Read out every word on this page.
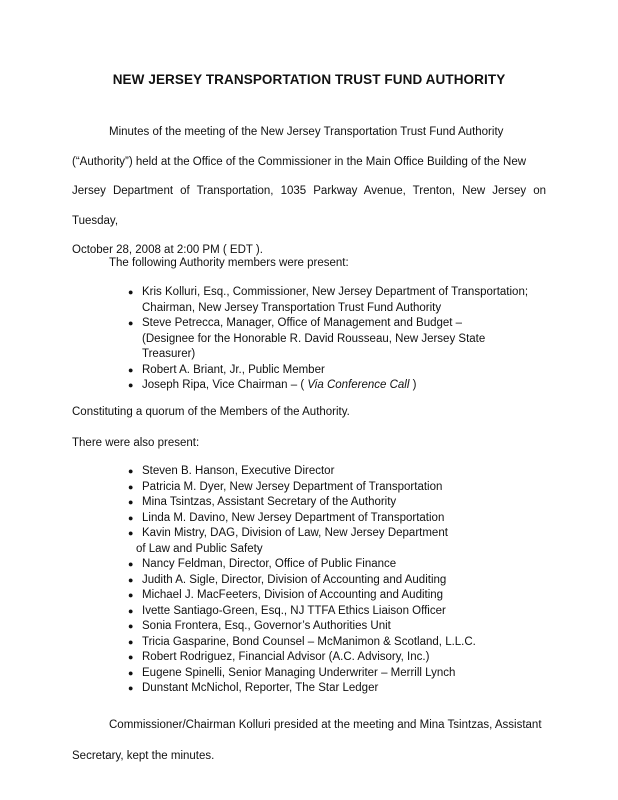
NEW JERSEY TRANSPORTATION TRUST FUND AUTHORITY

Minutes of the meeting of the New Jersey Transportation Trust Fund Authority

(“Authority”) held at the Office of the Commissioner in the Main Office Building of the New

Jersey Department of Transportation, 1035 Parkway Avenue, Trenton, New Jersey on Tuesday,

October 28, 2008 at 2:00 PM ( EDT ).

The following Authority members were present:
● Kris Kolluri, Esq., Commissioner, New Jersey Department of Transportation;
Chairman, New Jersey Transportation Trust Fund Authority
● Steve Petrecca, Manager, Office of Management and Budget –
(Designee for the Honorable R. David Rousseau, New Jersey State
Treasurer)
● Robert A. Briant, Jr., Public Member
● Joseph Ripa, Vice Chairman – ( Via Conference Call )
Constituting a quorum of the Members of the Authority.
There were also present:
● Steven B. Hanson, Executive Director
● Patricia M. Dyer, New Jersey Department of Transportation
● Mina Tsintzas, Assistant Secretary of the Authority
● Linda M. Davino, New Jersey Department of Transportation
● Kavin Mistry, DAG, Division of Law, New Jersey Department
of Law and Public Safety
● Nancy Feldman, Director, Office of Public Finance
● Judith A. Sigle, Director, Division of Accounting and Auditing
● Michael J. MacFeeters, Division of Accounting and Auditing
● Ivette Santiago-Green, Esq., NJ TTFA Ethics Liaison Officer
● Sonia Frontera, Esq., Governor’s Authorities Unit
● Tricia Gasparine, Bond Counsel – McManimon & Scotland, L.L.C.
● Robert Rodriguez, Financial Advisor (A.C. Advisory, Inc.)
● Eugene Spinelli, Senior Managing Underwriter – Merrill Lynch
● Dunstant McNichol, Reporter, The Star Ledger

Commissioner/Chairman Kolluri presided at the meeting and Mina Tsintzas, Assistant

Secretary, kept the minutes.
